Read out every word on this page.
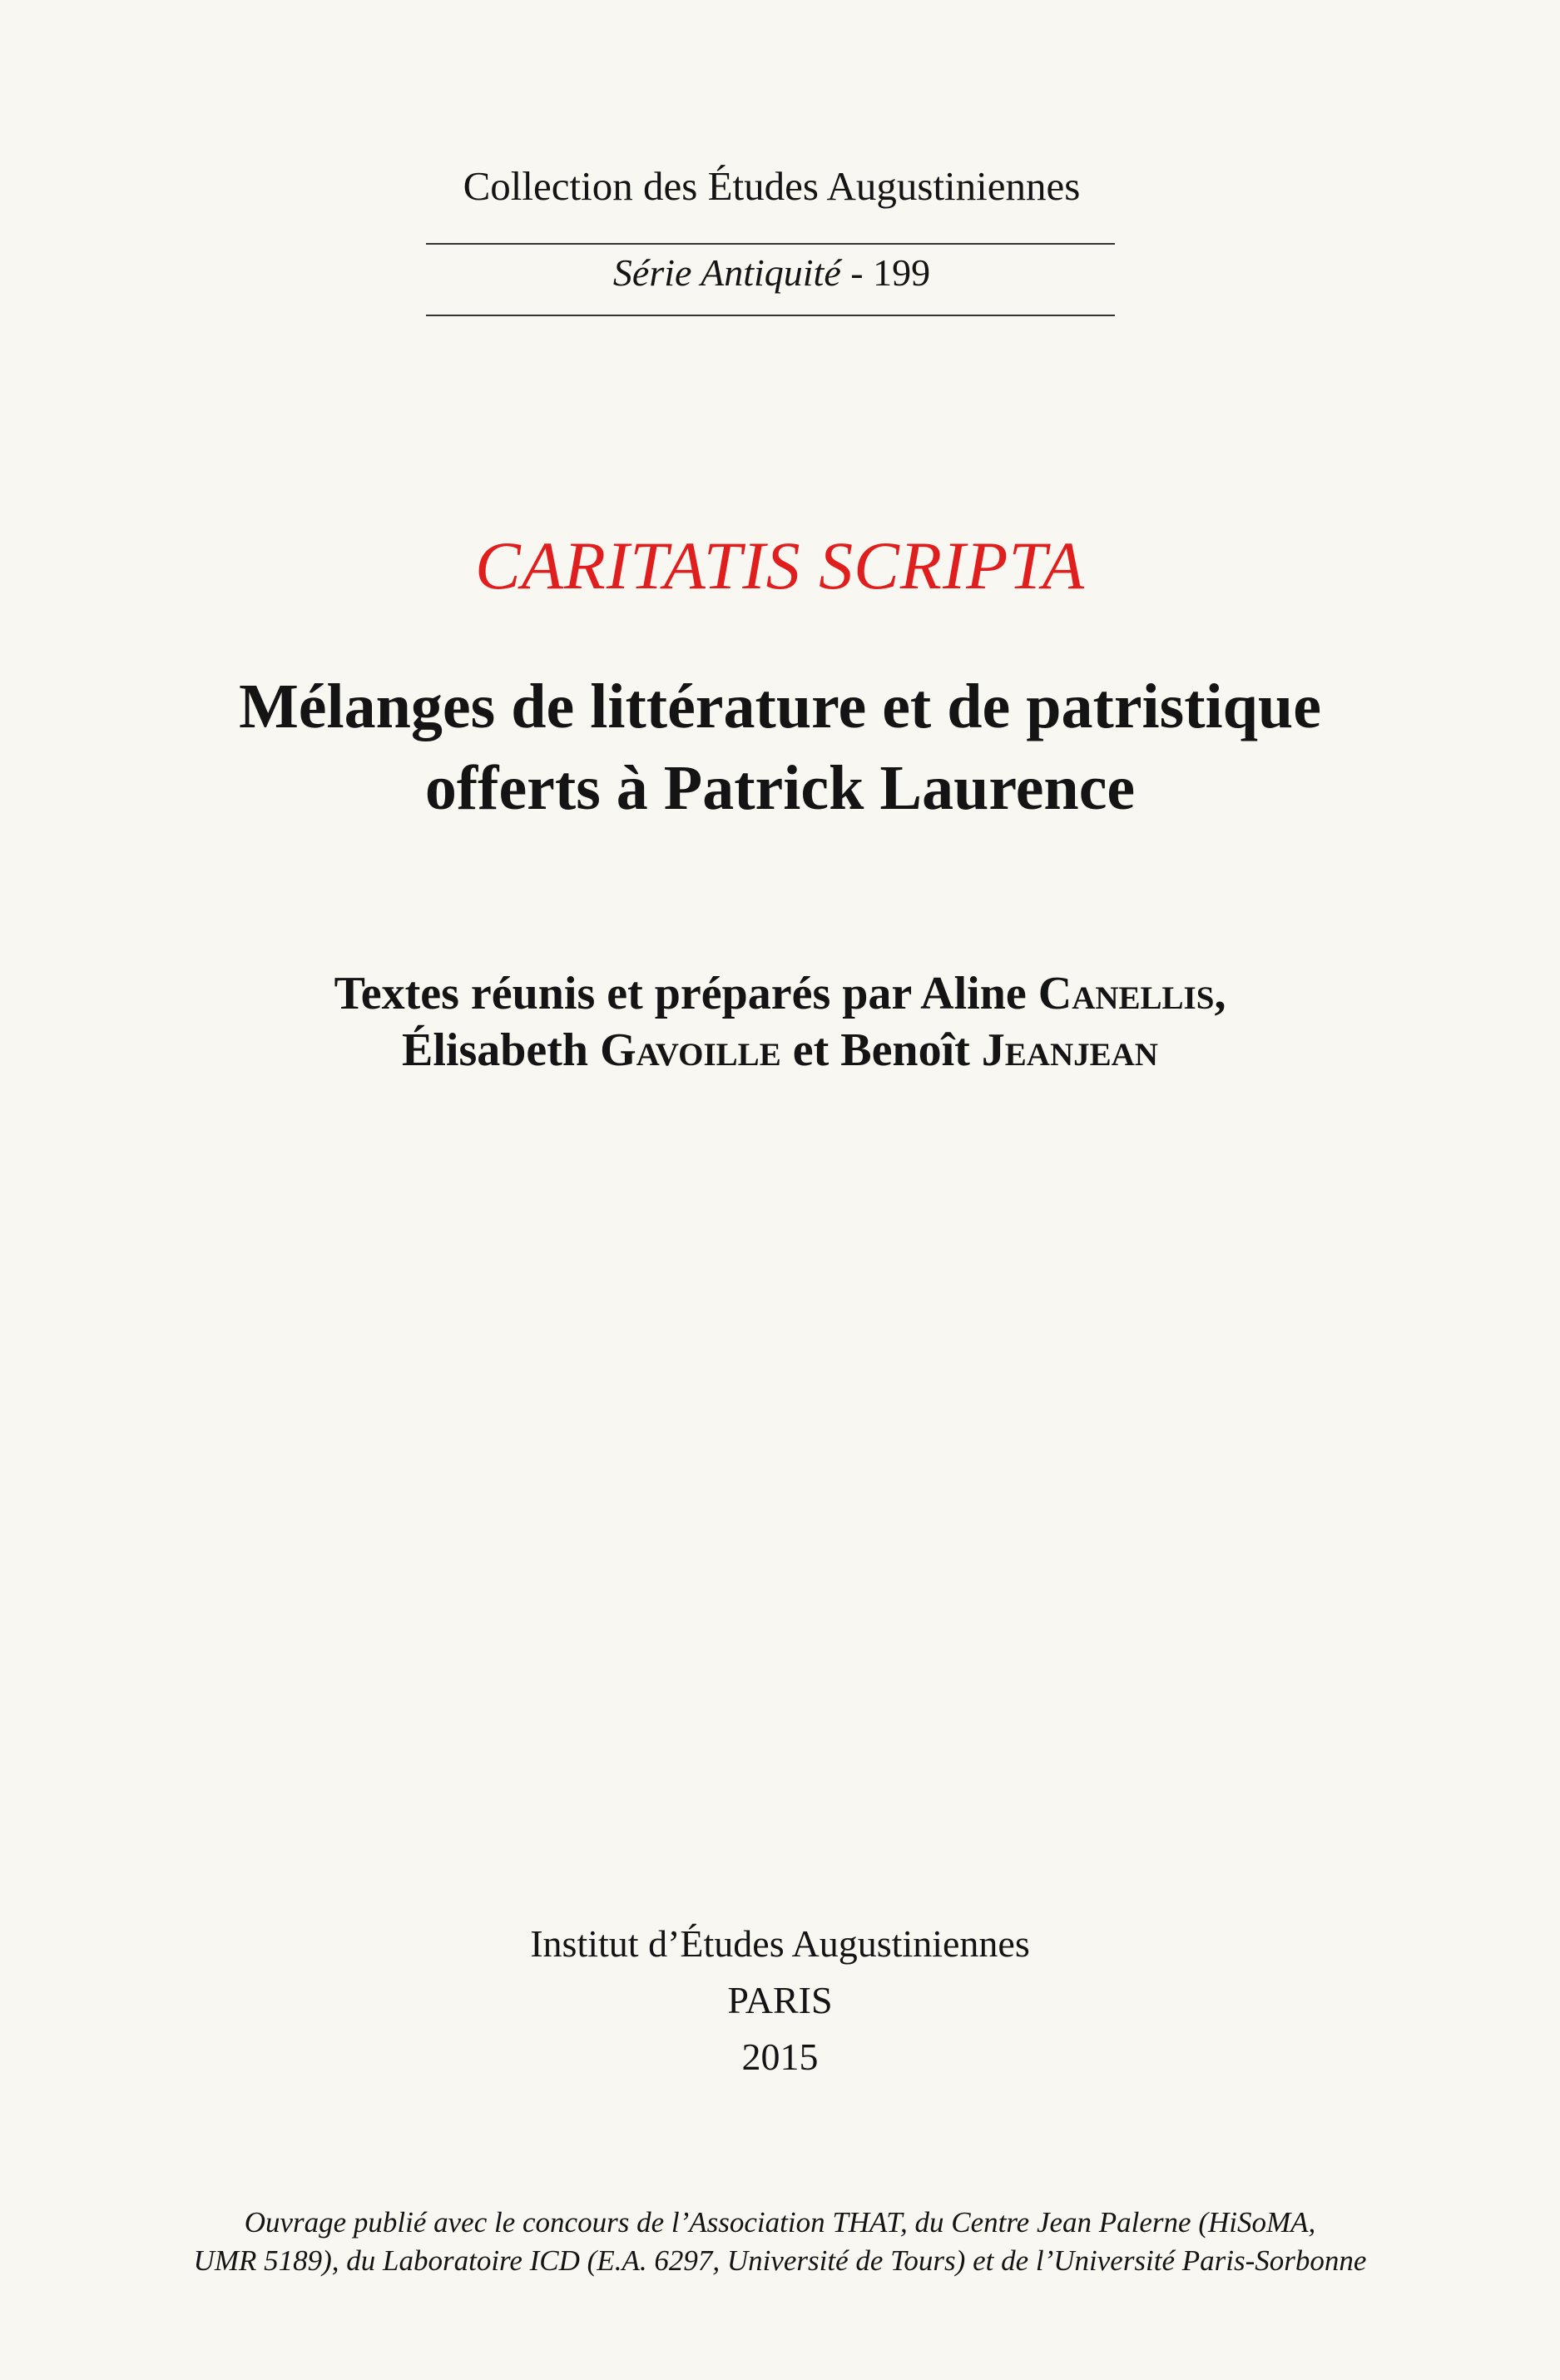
Collection des Études Augustiniennes
Série Antiquité - 199
CARITATIS SCRIPTA
Mélanges de littérature et de patristique
offerts à Patrick Laurence
Textes réunis et préparés par Aline Canellis,
Élisabeth Gavoille et Benoît Jeanjean
Institut d’Études Augustiniennes
PARIS
2015
Ouvrage publié avec le concours de l’Association THAT, du Centre Jean Palerne (HiSoMA,
UMR 5189), du Laboratoire ICD (E.A. 6297, Université de Tours) et de l’Université Paris-Sorbonne
